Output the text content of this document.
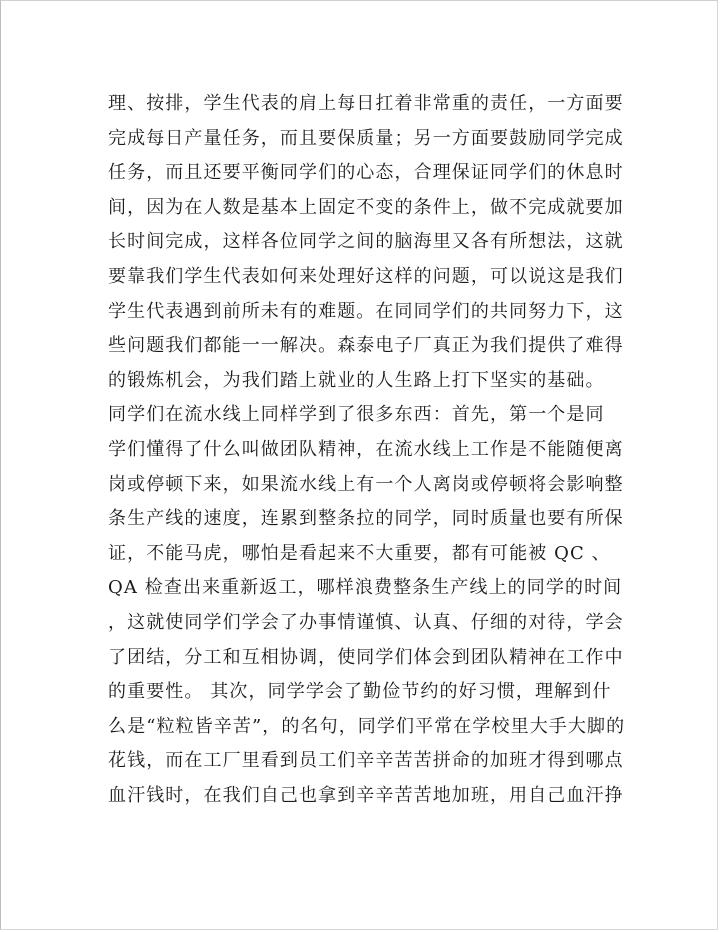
理、按排，学生代表的肩上每日扛着非常重的责任，一方面要
完成每日产量任务，而且要保质量；另一方面要鼓励同学完成
任务，而且还要平衡同学们的心态，合理保证同学们的休息时
间，因为在人数是基本上固定不变的条件上，做不完成就要加
长时间完成，这样各位同学之间的脑海里又各有所想法，这就
要靠我们学生代表如何来处理好这样的问题，可以说这是我们
学生代表遇到前所未有的难题。在同同学们的共同努力下，这
些问题我们都能一一解决。森泰电子厂真正为我们提供了难得
的锻炼机会，为我们踏上就业的人生路上打下坚实的基础。
同学们在流水线上同样学到了很多东西：首先，第一个是同
学们懂得了什么叫做团队精神，在流水线上工作是不能随便离
岗或停顿下来，如果流水线上有一个人离岗或停顿将会影响整
条生产线的速度，连累到整条拉的同学，同时质量也要有所保
证，不能马虎，哪怕是看起来不大重要，都有可能被 QC 、
QA 检查出来重新返工，哪样浪费整条生产线上的同学的时间
，这就使同学们学会了办事情谨慎、认真、仔细的对待，学会
了团结，分工和互相协调，使同学们体会到团队精神在工作中
的重要性。 其次，同学学会了勤俭节约的好习惯，理解到什
么是“粒粒皆辛苦”，的名句，同学们平常在学校里大手大脚的
花钱，而在工厂里看到员工们辛辛苦苦拼命的加班才得到哪点
血汗钱时，在我们自己也拿到辛辛苦苦地加班，用自己血汗挣
